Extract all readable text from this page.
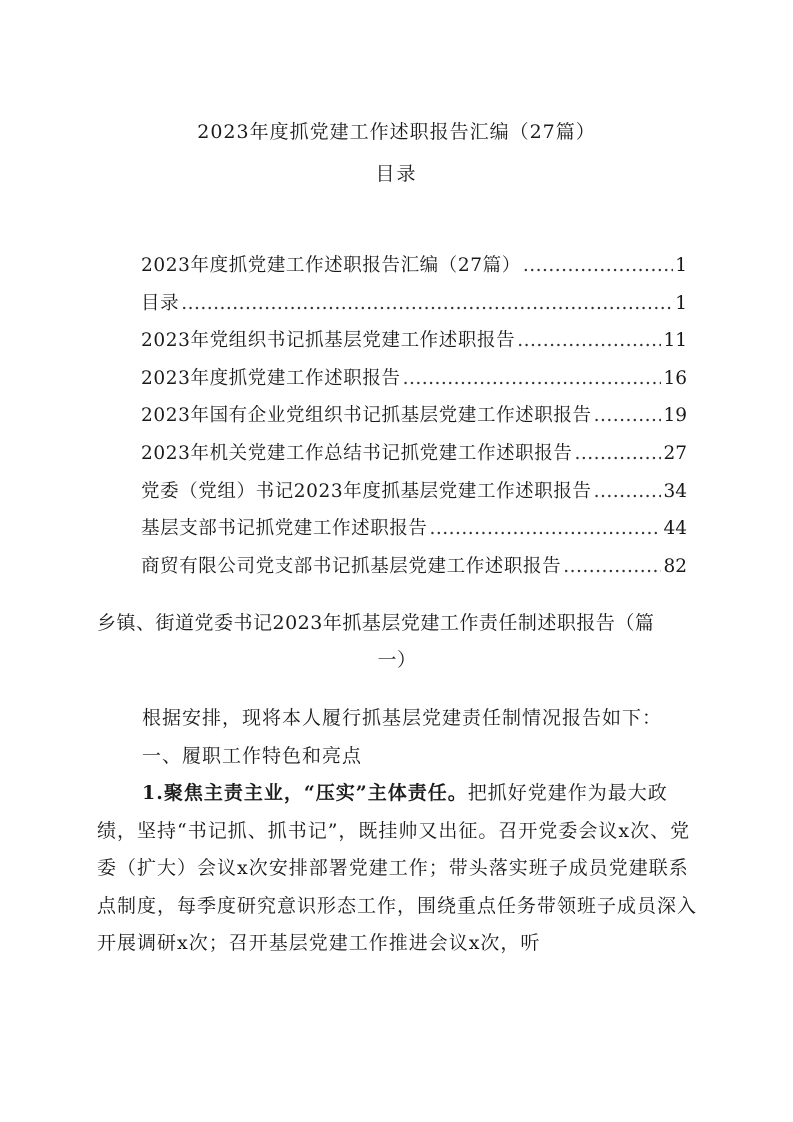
2023年度抓党建工作述职报告汇编（27篇）
目录
2023年度抓党建工作述职报告汇编（27篇） .....	1
目录 .....	1
2023年党组织书记抓基层党建工作述职报告 .....	11
2023年度抓党建工作述职报告 .....	16
2023年国有企业党组织书记抓基层党建工作述职报告 .....	19
2023年机关党建工作总结书记抓党建工作述职报告 .....	27
党委（党组）书记2023年度抓基层党建工作述职报告 .....	34
基层支部书记抓党建工作述职报告 .....	44
商贸有限公司党支部书记抓基层党建工作述职报告 .....	82
乡镇、街道党委书记2023年抓基层党建工作责任制述职报告（篇
一）
根据安排，现将本人履行抓基层党建责任制情况报告如下：
一、履职工作特色和亮点
1.聚焦主责主业，“压实”主体责任。把抓好党建作为最大政绩，坚持“书记抓、抓书记”，既挂帅又出征。召开党委会议x次、党委（扩大）会议x次安排部署党建工作；带头落实班子成员党建联系点制度，每季度研究意识形态工作，围绕重点任务带领班子成员深入开展调研x次；召开基层党建工作推进会议x次，听
